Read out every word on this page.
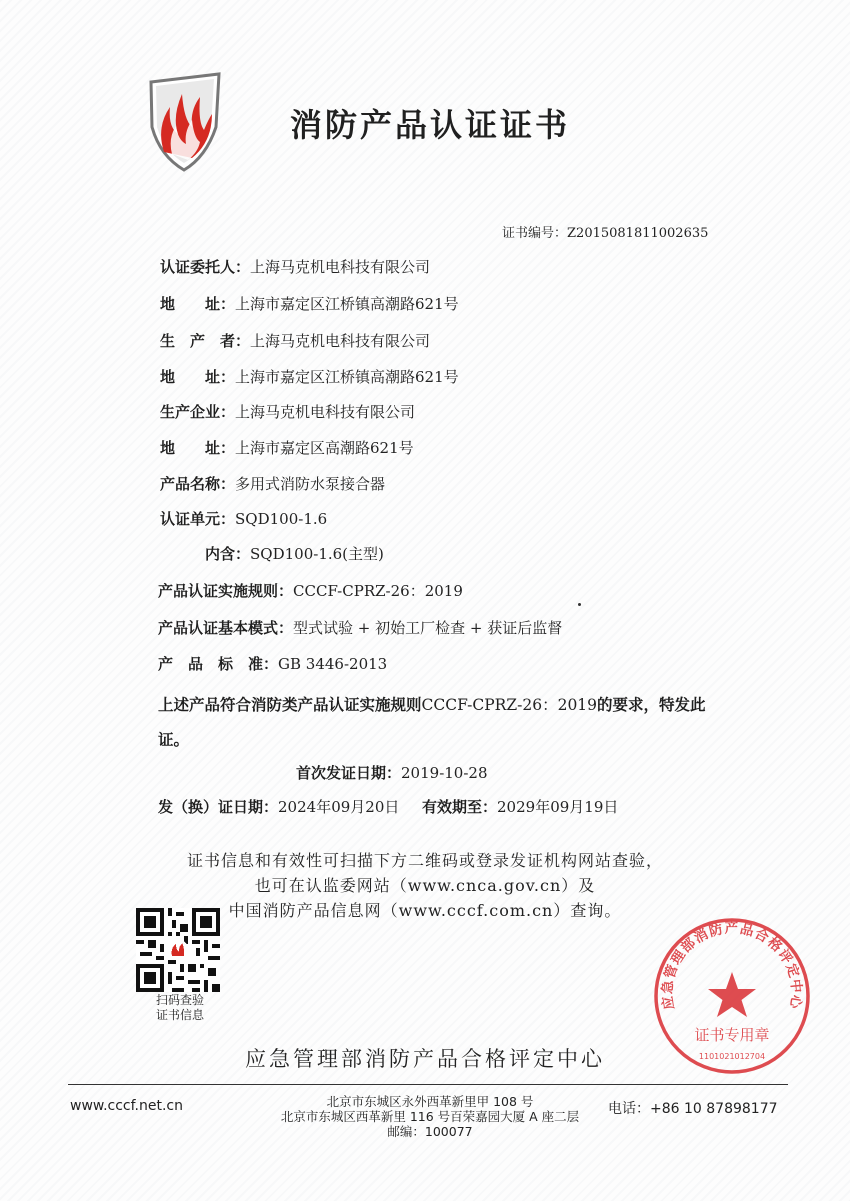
消防产品认证证书
证书编号：Z2015081811002635
认证委托人：上海马克机电科技有限公司
地　　址：上海市嘉定区江桥镇高潮路621号
生　产　者：上海马克机电科技有限公司
地　　址：上海市嘉定区江桥镇高潮路621号
生产企业：上海马克机电科技有限公司
地　　址：上海市嘉定区高潮路621号
产品名称：多用式消防水泵接合器
认证单元：SQD100-1.6
内含：SQD100-1.6(主型)
产品认证实施规则：CCCF-CPRZ-26：2019
产品认证基本模式：型式试验 + 初始工厂检查 + 获证后监督
产　品　标　准：GB 3446-2013
上述产品符合消防类产品认证实施规则CCCF-CPRZ-26：2019的要求，特发此证。
首次发证日期：2019-10-28
发（换）证日期：2024年09月20日 有效期至：2029年09月19日
证书信息和有效性可扫描下方二维码或登录发证机构网站查验，
也可在认监委网站（www.cnca.gov.cn）及
中国消防产品信息网（www.cccf.com.cn）查询。
扫码查验
证书信息
应急管理部消防产品合格评定中心
证书专用章
1101021012704
应急管理部消防产品合格评定中心
www.cccf.net.cn	北京市东城区永外西革新里甲 108 号
北京市东城区西革新里 116 号百荣嘉园大厦 A 座二层
邮编：100077
电话：+86 10 87898177
